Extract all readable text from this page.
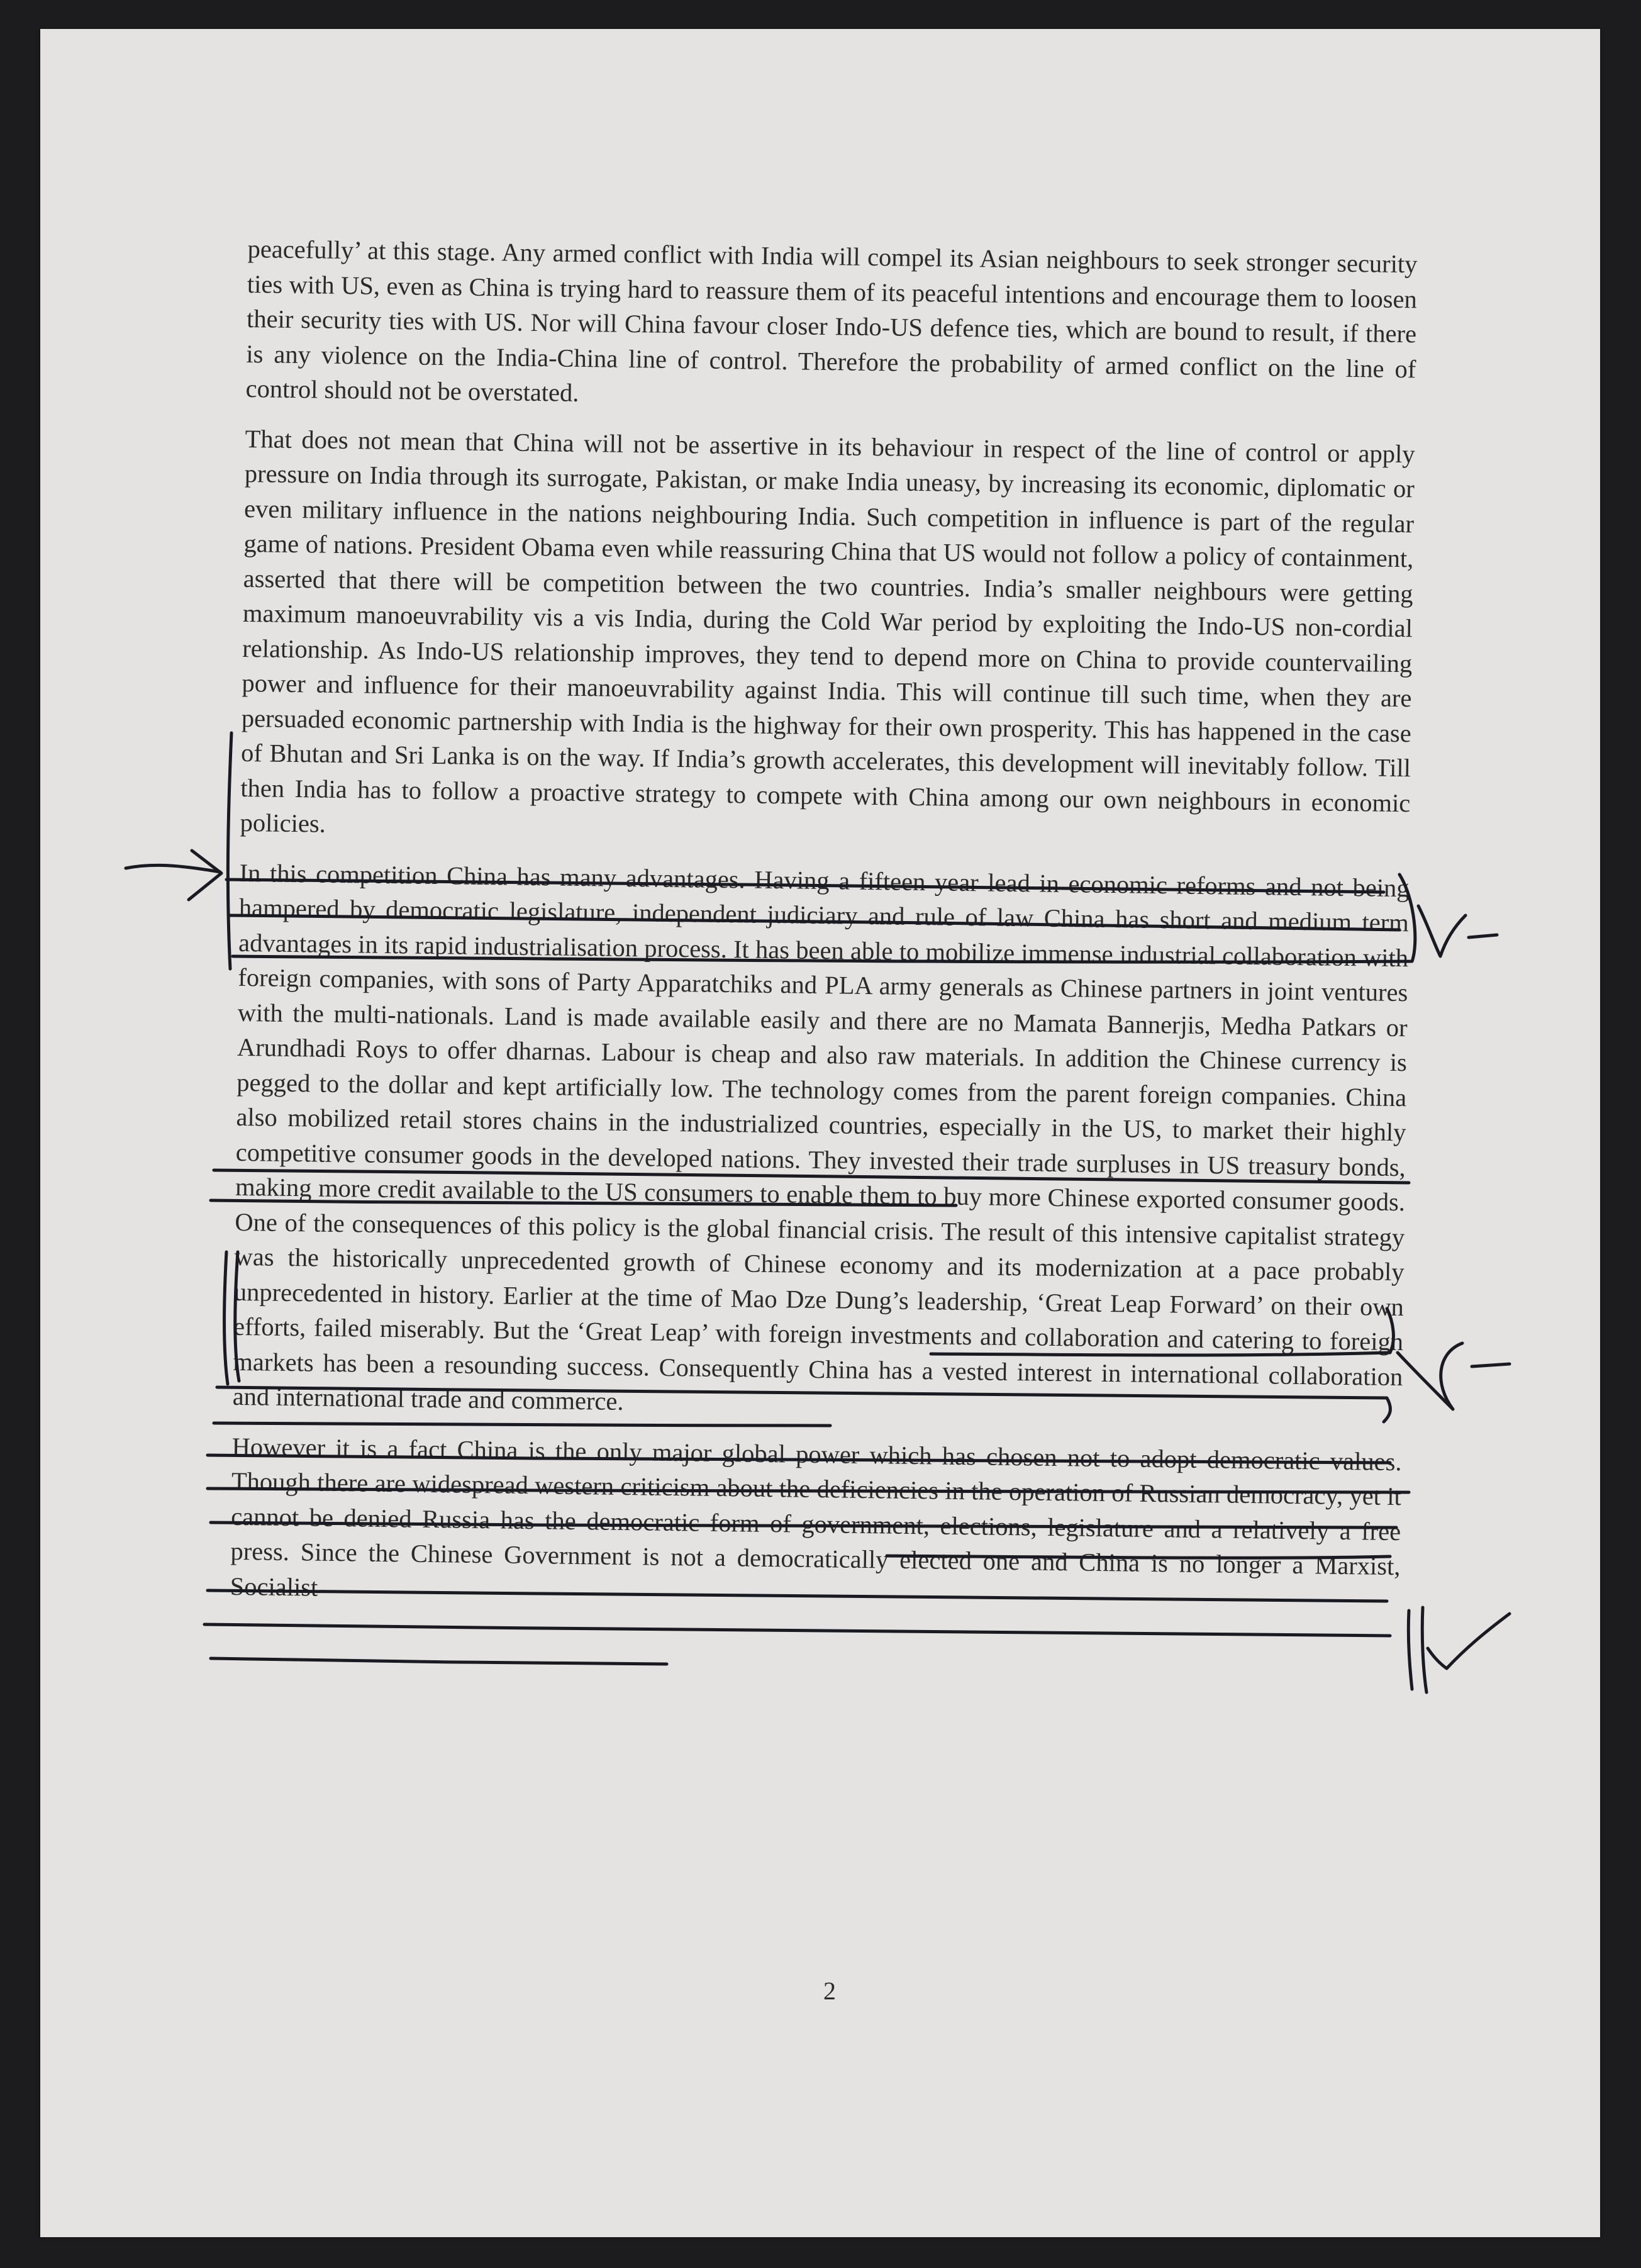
peacefully’ at this stage. Any armed conflict with India will compel its Asian neighbours to seek stronger security ties with US, even as China is trying hard to reassure them of its peaceful intentions and encourage them to loosen their security ties with US. Nor will China favour closer Indo-US defence ties, which are bound to result, if there is any violence on the India-China line of control. Therefore the probability of armed conflict on the line of control should not be overstated.

That does not mean that China will not be assertive in its behaviour in respect of the line of control or apply pressure on India through its surrogate, Pakistan, or make India uneasy, by increasing its economic, diplomatic or even military influence in the nations neighbouring India. Such competition in influence is part of the regular game of nations. President Obama even while reassuring China that US would not follow a policy of containment, asserted that there will be competition between the two countries. India’s smaller neighbours were getting maximum manoeuvrability vis a vis India, during the Cold War period by exploiting the Indo-US non-cordial relationship. As Indo-US relationship improves, they tend to depend more on China to provide countervailing power and influence for their manoeuvrability against India. This will continue till such time, when they are persuaded economic partnership with India is the highway for their own prosperity. This has happened in the case of Bhutan and Sri Lanka is on the way. If India’s growth accelerates, this development will inevitably follow. Till then India has to follow a proactive strategy to compete with China among our own neighbours in economic policies.

In this competition China has many advantages. Having a fifteen year lead in economic reforms and not being hampered by democratic legislature, independent judiciary and rule of law China has short and medium term advantages in its rapid industrialisation process. It has been able to mobilize immense industrial collaboration with foreign companies, with sons of Party Apparatchiks and PLA army generals as Chinese partners in joint ventures with the multi-nationals. Land is made available easily and there are no Mamata Bannerjis, Medha Patkars or Arundhadi Roys to offer dharnas. Labour is cheap and also raw materials. In addition the Chinese currency is pegged to the dollar and kept artificially low. The technology comes from the parent foreign companies. China also mobilized retail stores chains in the industrialized countries, especially in the US, to market their highly competitive consumer goods in the developed nations. They invested their trade surpluses in US treasury bonds, making more credit available to the US consumers to enable them to buy more Chinese exported consumer goods. One of the consequences of this policy is the global financial crisis. The result of this intensive capitalist strategy was the historically unprecedented growth of Chinese economy and its modernization at a pace probably unprecedented in history. Earlier at the time of Mao Dze Dung’s leadership, ‘Great Leap Forward’ on their own efforts, failed miserably. But the ‘Great Leap’ with foreign investments and collaboration and catering to foreign markets has been a resounding success. Consequently China has a vested interest in international collaboration and international trade and commerce.

However it is a fact China is the only major global power which has chosen not to adopt democratic values. Though there are widespread western criticism about the deficiencies in the operation of Russian democracy, yet it cannot be denied Russia has the democratic form of government, elections, legislature and a relatively a free press. Since the Chinese Government is not a democratically elected one and China is no longer a Marxist, Socialist

2
